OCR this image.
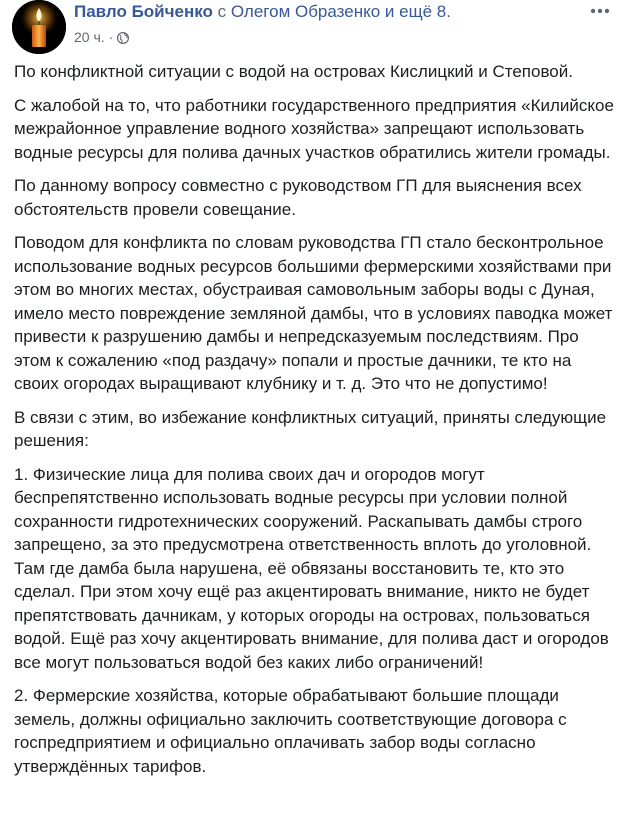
Павло Бойченко с Олегом Образенко и ещё 8.
20 ч. ·

По конфликтной ситуации с водой на островах Кислицкий и Степовой.

С жалобой на то, что работники государственного предприятия «Килийское межрайонное управление водного хозяйства» запрещают использовать водные ресурсы для полива дачных участков обратились жители громады.

По данному вопросу совместно с руководством ГП для выяснения всех обстоятельств провели совещание.

Поводом для конфликта по словам руководства ГП стало бесконтрольное использование водных ресурсов большими фермерскими хозяйствами при этом во многих местах, обустраивая самовольным заборы воды с Дуная, имело место повреждение земляной дамбы, что в условиях паводка может привести к разрушению дамбы и непредсказуемым последствиям. Про этом к сожалению «под раздачу» попали и простые дачники, те кто на своих огородах выращивают клубнику и т. д. Это что не допустимо!

В связи с этим, во избежание конфликтных ситуаций, приняты следующие решения:

1. Физические лица для полива своих дач и огородов могут беспрепятственно использовать водные ресурсы при условии полной сохранности гидротехнических сооружений. Раскапывать дамбы строго запрещено, за это предусмотрена ответственность вплоть до уголовной. Там где дамба была нарушена, её обвязаны восстановить те, кто это сделал. При этом хочу ещё раз акцентировать внимание, никто не будет препятствовать дачникам, у которых огороды на островах, пользоваться водой. Ещё раз хочу акцентировать внимание, для полива даст и огородов все могут пользоваться водой без каких либо ограничений!

2. Фермерские хозяйства, которые обрабатывают большие площади земель, должны официально заключить соответствующие договора с госпредприятием и официально оплачивать забор воды согласно утверждённых тарифов.
